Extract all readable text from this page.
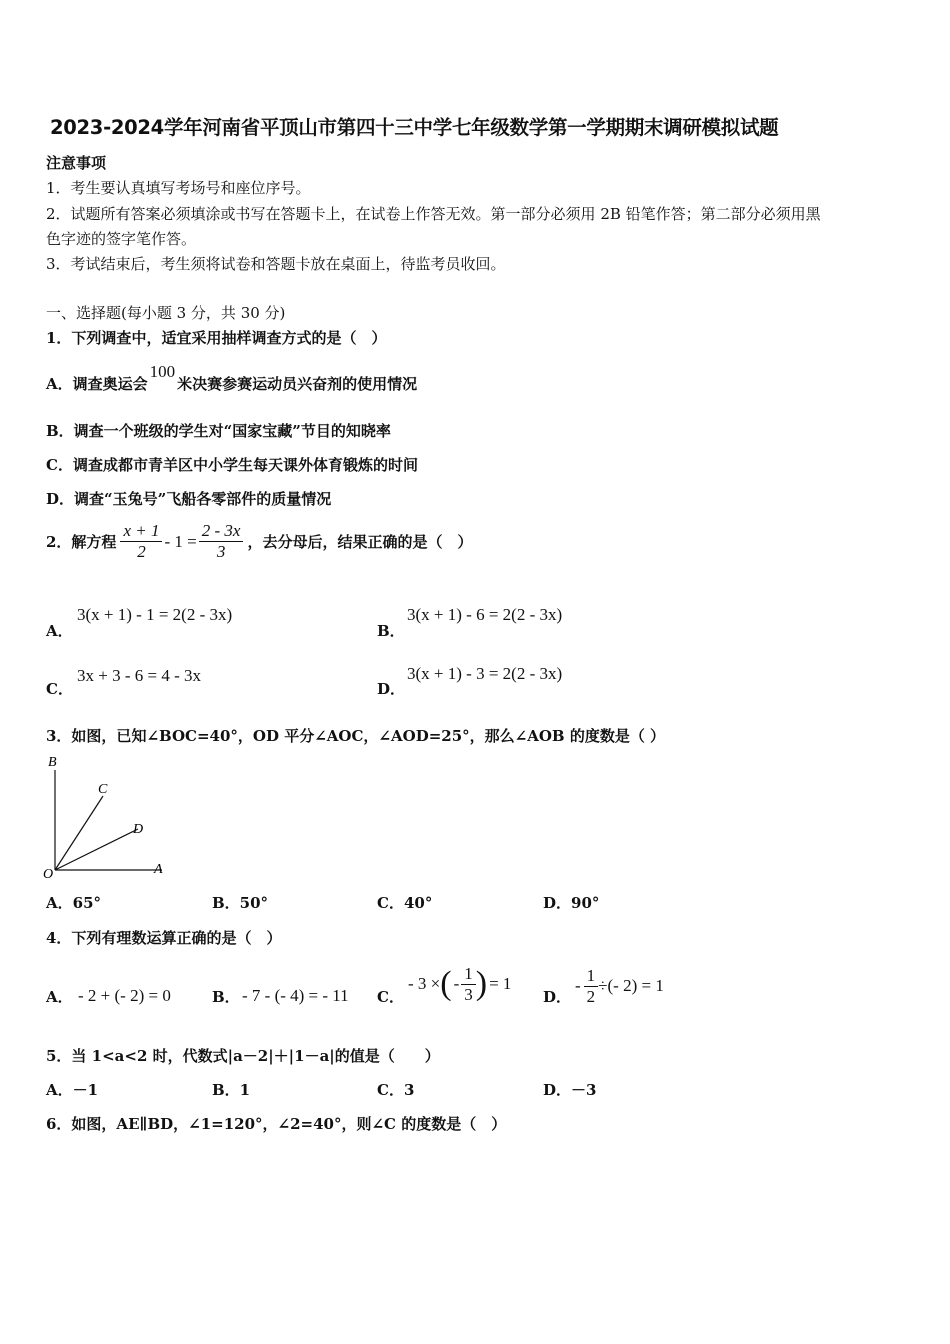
2023-2024学年河南省平顶山市第四十三中学七年级数学第一学期期末调研模拟试题
注意事项
1．考生要认真填写考场号和座位序号。
2．试题所有答案必须填涂或书写在答题卡上，在试卷上作答无效。第一部分必须用 2B 铅笔作答；第二部分必须用黑
色字迹的签字笔作答。
3．考试结束后，考生须将试卷和答题卡放在桌面上，待监考员收回。
一、选择题(每小题 3 分，共 30 分)
1．下列调查中，适宜采用抽样调查方式的是（　）
A．调查奥运会100米决赛参赛运动员兴奋剂的使用情况
B．调查一个班级的学生对“国家宝藏”节目的知晓率
C．调查成都市青羊区中小学生每天课外体育锻炼的时间
D．调查“玉兔号”飞船各零部件的质量情况
2．解方程 $\frac{x + 1}{2} - 1 = \frac{2 - 3x}{3}$ ，去分母后，结果正确的是（　）
A．
3(x + 1) - 1 = 2(2 - 3x)
B．
3(x + 1) - 6 = 2(2 - 3x)
C．
3x + 3 - 6 = 4 - 3x
D．
3(x + 1) - 3 = 2(2 - 3x)
3．如图，已知∠BOC=40°，OD 平分∠AOC，∠AOD=25°，那么∠AOB 的度数是（ ）
B
C
D
O	A
A．65°	B．50°	C．40°	D．90°
4．下列有理数运算正确的是（　）
A． - 2 + (- 2) = 0	B． - 7 - (- 4) = - 11 C．
- 3 × ( - $\frac{1}{3}$ ) = 1
D．
- $\frac{1}{2}$ ÷(- 2) = 1
5．当 1<a<2 时，代数式|a－2|＋|1－a|的值是（　　）
A．－1	B．1	C．3	D．－3
6．如图，AE∥BD，∠1=120°，∠2=40°，则∠C 的度数是（　）
